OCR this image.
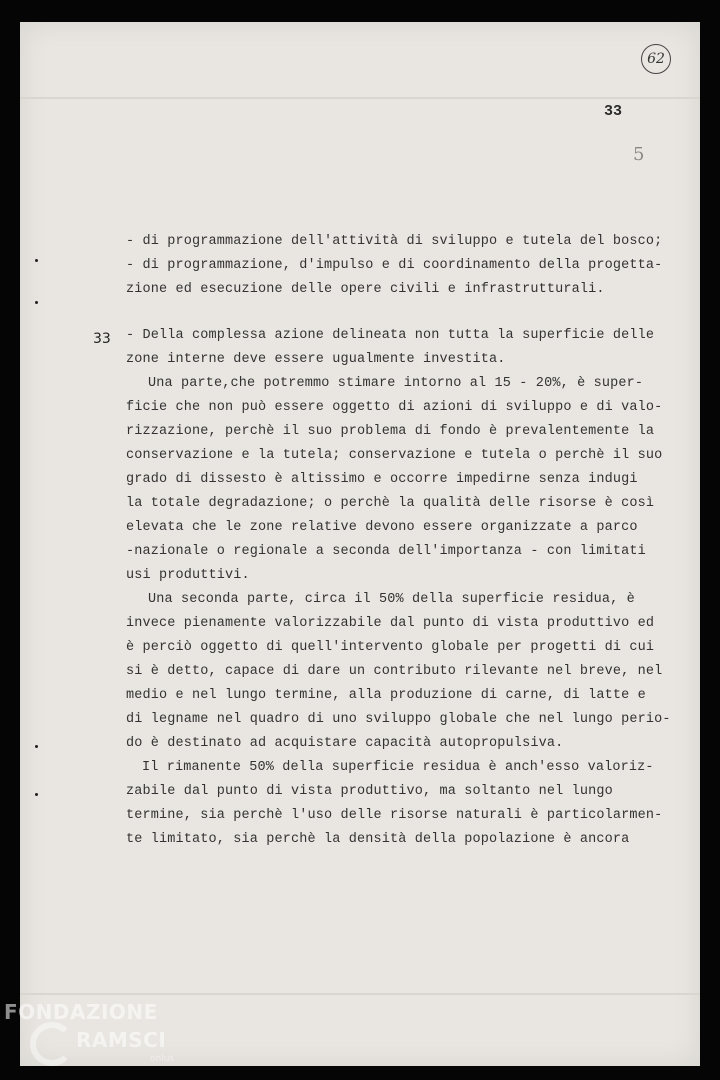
62
33
5
33
- di programmazione dell'attività di sviluppo e tutela del bosco;
- di programmazione, d'impulso e di coordinamento della progetta-
zione ed esecuzione delle opere civili e infrastrutturali.
- Della complessa azione delineata non tutta la superficie delle
zone interne deve essere ugualmente investita.
Una parte,che potremmo stimare intorno al 15 - 20%, è super-
ficie che non può essere oggetto di azioni di sviluppo e di valo-
rizzazione, perchè il suo problema di fondo è prevalentemente la
conservazione e la tutela; conservazione e tutela o perchè il suo
grado di dissesto è altissimo e occorre impedirne senza indugi
la totale degradazione; o perchè la qualità delle risorse è così
elevata che le zone relative devono essere organizzate a parco
-nazionale o regionale a seconda dell'importanza - con limitati
usi produttivi.
Una seconda parte, circa il 50% della superficie residua, è
invece pienamente valorizzabile dal punto di vista produttivo ed
è perciò oggetto di quell'intervento globale per progetti di cui
si è detto, capace di dare un contributo rilevante nel breve, nel
medio e nel lungo termine, alla produzione di carne, di latte e
di legname nel quadro di uno sviluppo globale che nel lungo perio-
do è destinato ad acquistare capacità autopropulsiva.
Il rimanente 50% della superficie residua è anch'esso valoriz-
zabile dal punto di vista produttivo, ma soltanto nel lungo
termine, sia perchè l'uso delle risorse naturali è particolarmen-
te limitato, sia perchè la densità della popolazione è ancora
FONDAZIONE
RAMSCI
onlus
